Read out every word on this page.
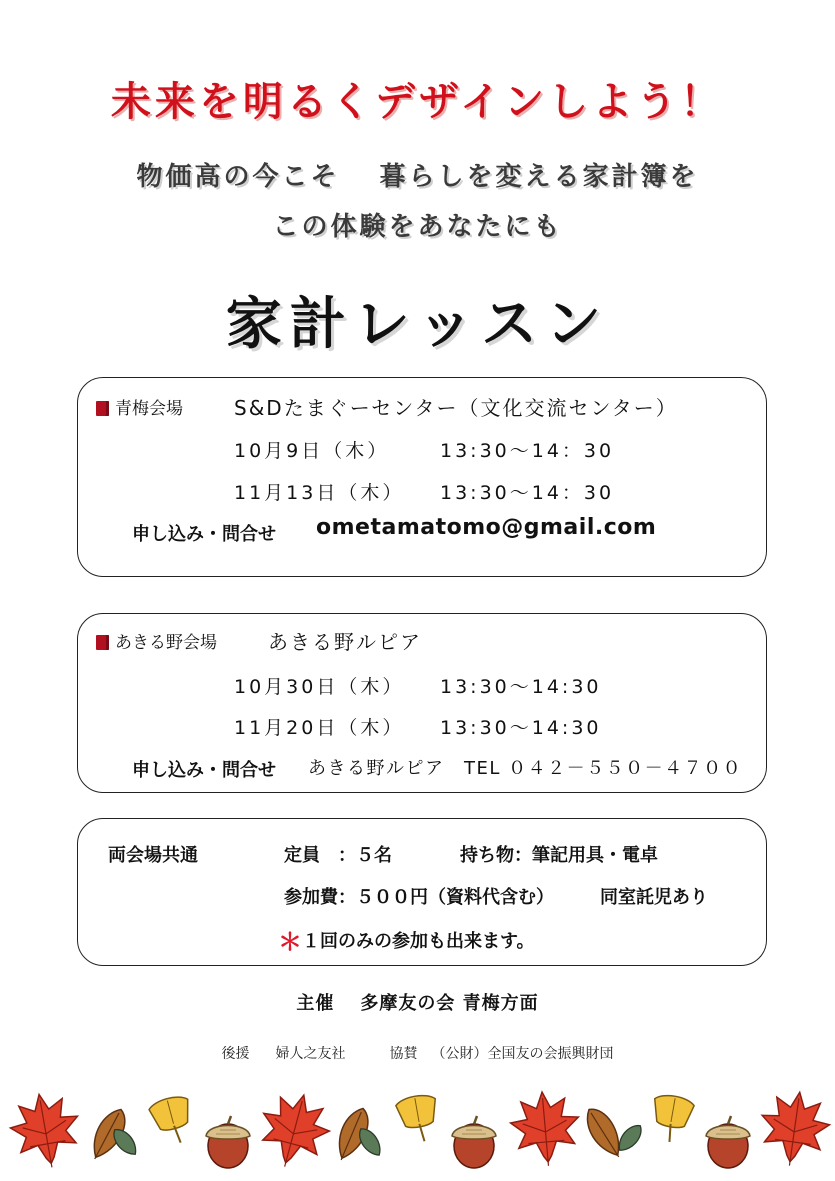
未来を明るくデザインしよう！
物価高の今こそ 暮らしを変える家計簿を
この体験をあなたにも
家計レッスン
青梅会場	S&Dたまぐーセンター（文化交流センター）
10月9日（木）	13:30～14：30
11月13日（木） 13:30～14：30
申し込み・問合せ ometamatomo@gmail.com
あきる野会場	あきる野ルピア
10月30日（木） 13:30～14:30
11月20日（木） 13:30～14:30
申し込み・問合せ あきる野ルピア　TEL ０４２－５５０－４７００
両会場共通	定員　：５名	持ち物：筆記用具・電卓
参加費：５００円（資料代含む）	同室託児あり
＊１回のみの参加も出来ます。
主催 多摩友の会 青梅方面
後援 婦人之友社	協賛 （公財）全国友の会振興財団
